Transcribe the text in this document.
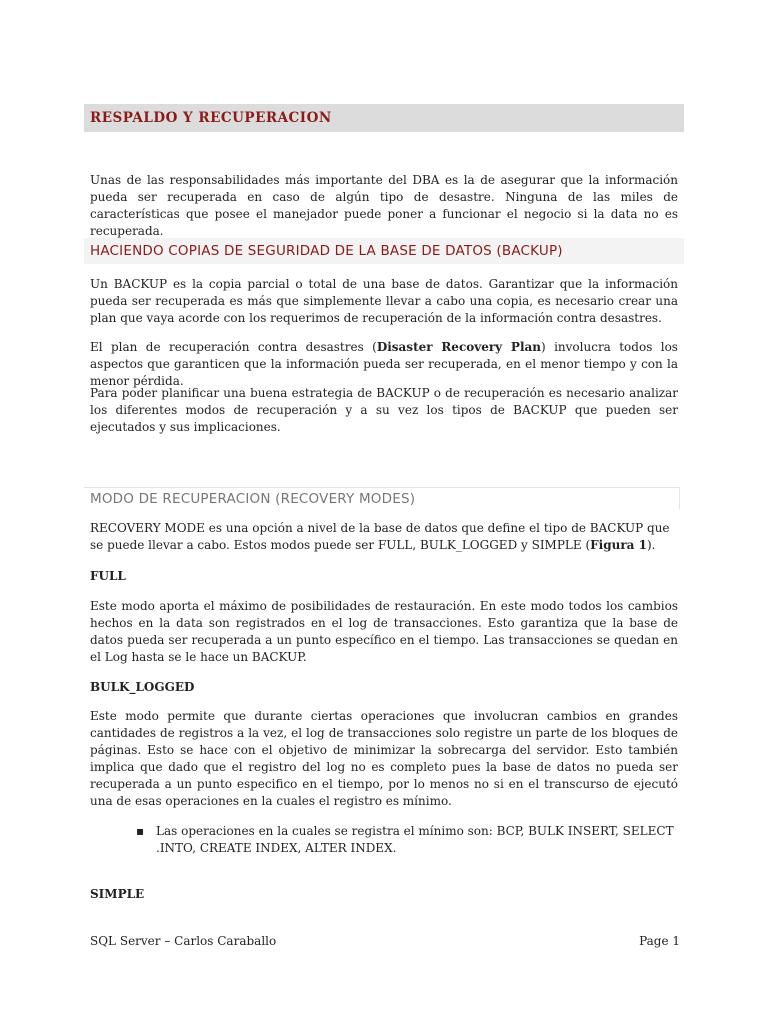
RESPALDO Y RECUPERACION

Unas de las responsabilidades más importante del DBA es la de asegurar que la información pueda ser recuperada en caso de algún tipo de desastre. Ninguna de las miles de características que posee el manejador puede poner a funcionar el negocio si la data no es recuperada.

HACIENDO COPIAS DE SEGURIDAD DE LA BASE DE DATOS (BACKUP)

Un BACKUP es la copia parcial o total de una base de datos. Garantizar que la información pueda ser recuperada es más que simplemente llevar a cabo una copia, es necesario crear una plan que vaya acorde con los requerimos de recuperación de la información contra desastres.

El plan de recuperación contra desastres (Disaster Recovery Plan) involucra todos los aspectos que garanticen que la información pueda ser recuperada, en el menor tiempo y con la menor pérdida.

Para poder planificar una buena estrategia de BACKUP o de recuperación es necesario analizar los diferentes modos de recuperación y a su vez los tipos de BACKUP que pueden ser ejecutados y sus implicaciones.

MODO DE RECUPERACION (RECOVERY MODES)

RECOVERY MODE es una opción a nivel de la base de datos que define el tipo de BACKUP que se puede llevar a cabo. Estos modos puede ser FULL, BULK_LOGGED y SIMPLE (Figura 1).

FULL

Este modo aporta el máximo de posibilidades de restauración. En este modo todos los cambios hechos en la data son registrados en el log de transacciones. Esto garantiza que la base de datos pueda ser recuperada a un punto específico en el tiempo. Las transacciones se quedan en el Log hasta se le hace un BACKUP.

BULK_LOGGED

Este modo permite que durante ciertas operaciones que involucran cambios en grandes cantidades de registros a la vez, el log de transacciones solo registre un parte de los bloques de páginas. Esto se hace con el objetivo de minimizar la sobrecarga del servidor. Esto también implica que dado que el registro del log no es completo pues la base de datos no pueda ser recuperada a un punto especifico en el tiempo, por lo menos no si en el transcurso de ejecutó una de esas operaciones en la cuales el registro es mínimo.

▪ Las operaciones en la cuales se registra el mínimo son: BCP, BULK INSERT, SELECT .INTO, CREATE INDEX, ALTER INDEX.

SIMPLE
SQL Server – Carlos Caraballo	Page 1
